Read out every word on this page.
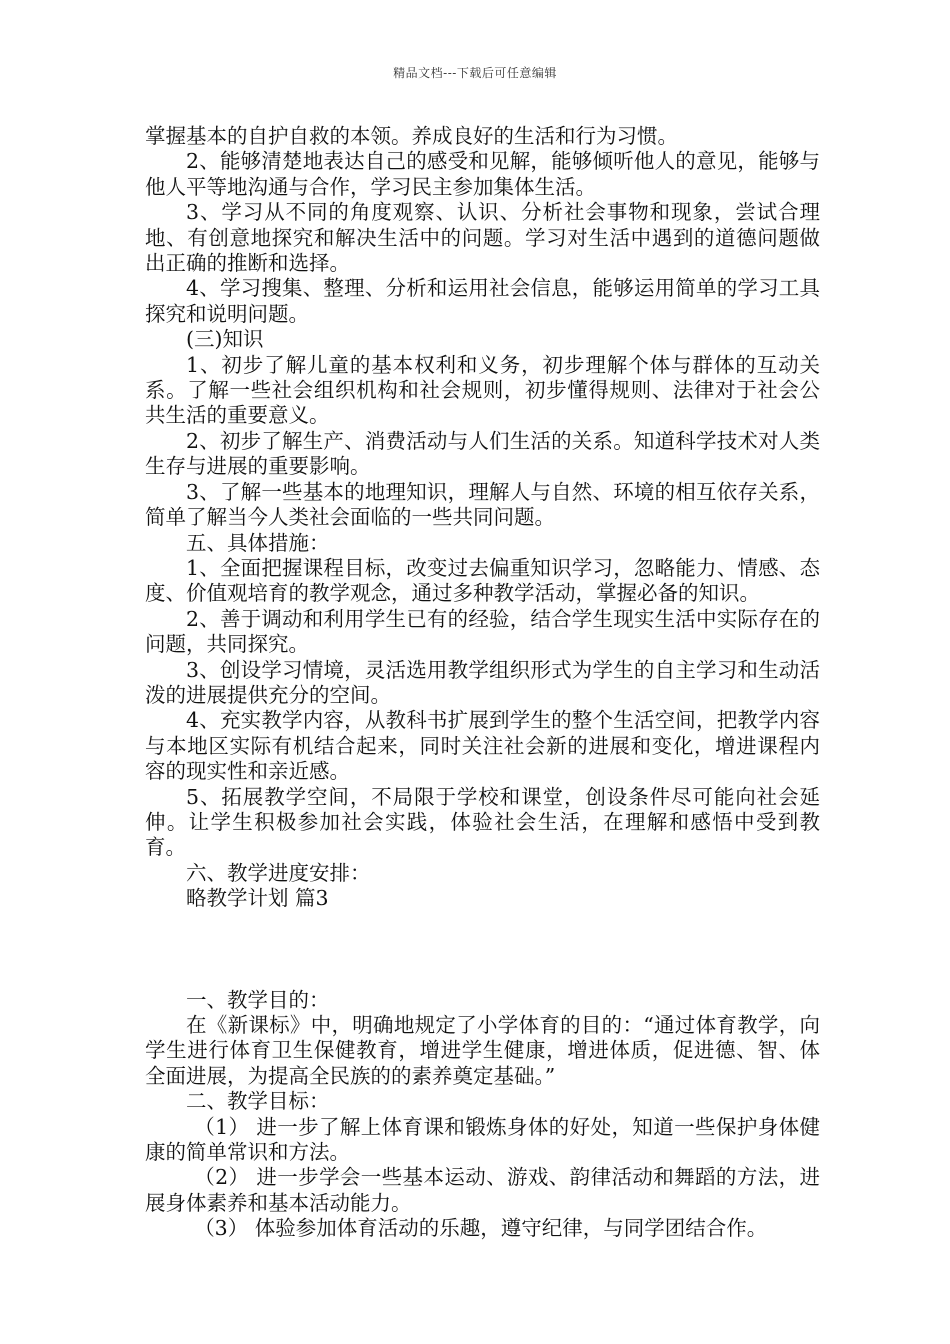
精品文档---下载后可任意编辑

掌握基本的自护自救的本领。养成良好的生活和行为习惯。

2、能够清楚地表达自己的感受和见解，能够倾听他人的意见，能够与他人平等地沟通与合作，学习民主参加集体生活。

3、学习从不同的角度观察、认识、分析社会事物和现象，尝试合理地、有创意地探究和解决生活中的问题。学习对生活中遇到的道德问题做出正确的推断和选择。

4、学习搜集、整理、分析和运用社会信息，能够运用简单的学习工具探究和说明问题。

(三)知识

1、初步了解儿童的基本权利和义务，初步理解个体与群体的互动关系。了解一些社会组织机构和社会规则，初步懂得规则、法律对于社会公共生活的重要意义。

2、初步了解生产、消费活动与人们生活的关系。知道科学技术对人类生存与进展的重要影响。

3、了解一些基本的地理知识，理解人与自然、环境的相互依存关系，简单了解当今人类社会面临的一些共同问题。

五、具体措施：

1、全面把握课程目标，改变过去偏重知识学习，忽略能力、情感、态度、价值观培育的教学观念，通过多种教学活动，掌握必备的知识。

2、善于调动和利用学生已有的经验，结合学生现实生活中实际存在的问题，共同探究。

3、创设学习情境，灵活选用教学组织形式为学生的自主学习和生动活泼的进展提供充分的空间。

4、充实教学内容，从教科书扩展到学生的整个生活空间，把教学内容与本地区实际有机结合起来，同时关注社会新的进展和变化，增进课程内容的现实性和亲近感。

5、拓展教学空间，不局限于学校和课堂，创设条件尽可能向社会延伸。让学生积极参加社会实践，体验社会生活，在理解和感悟中受到教育。

六、教学进度安排：

略教学计划 篇3

一、教学目的：

在《新课标》中，明确地规定了小学体育的目的：“通过体育教学，向学生进行体育卫生保健教育，增进学生健康，增进体质，促进德、智、体全面进展，为提高全民族的的素养奠定基础。”

二、教学目标：

（1） 进一步了解上体育课和锻炼身体的好处，知道一些保护身体健康的简单常识和方法。

（2） 进一步学会一些基本运动、游戏、韵律活动和舞蹈的方法，进展身体素养和基本活动能力。

（3） 体验参加体育活动的乐趣，遵守纪律，与同学团结合作。
